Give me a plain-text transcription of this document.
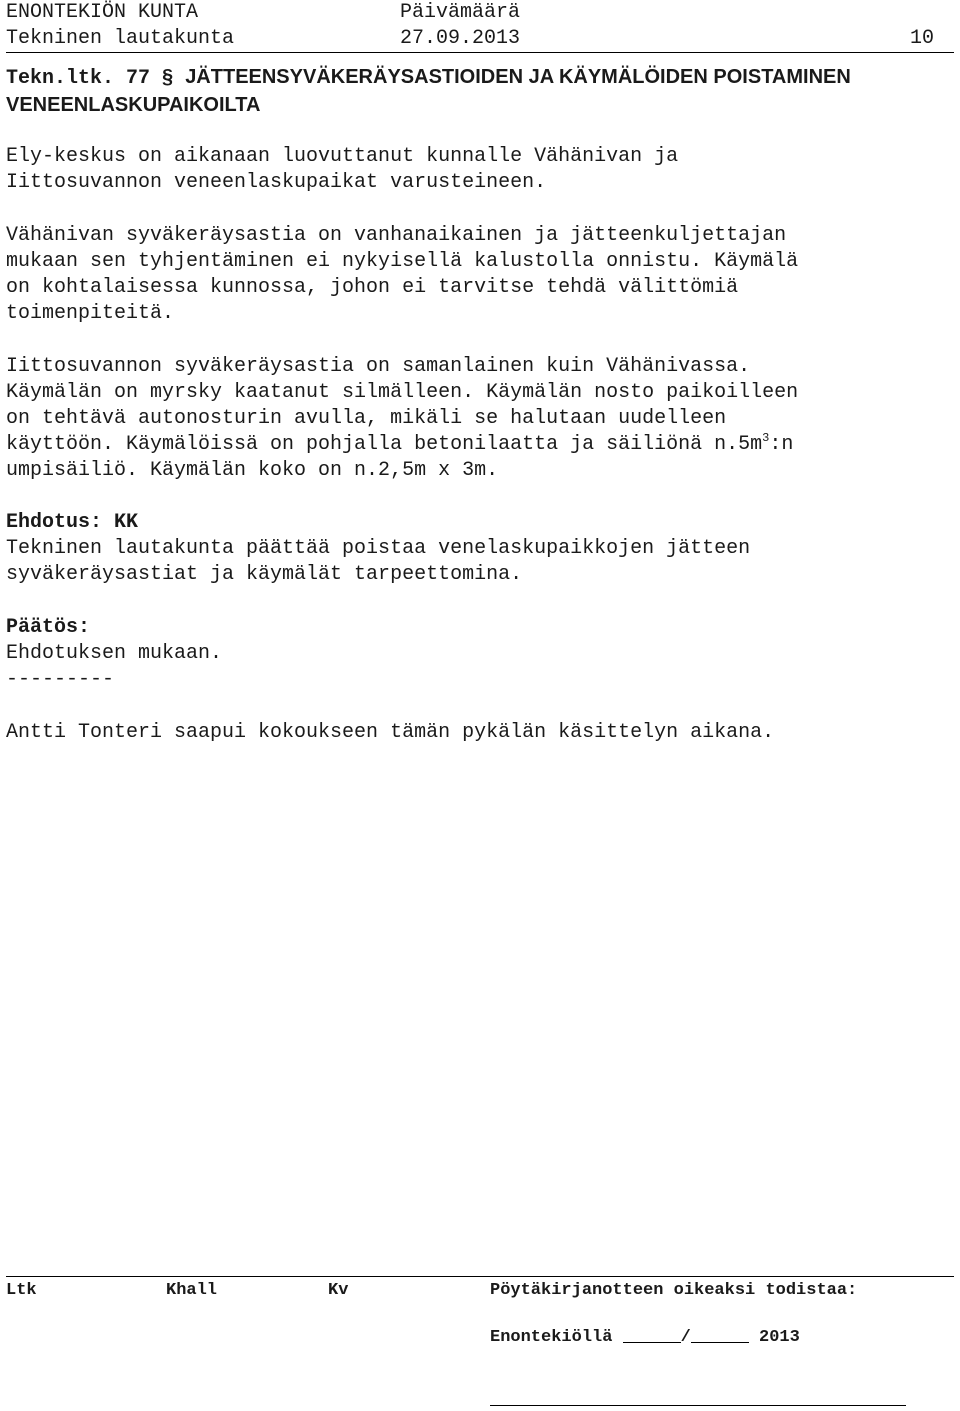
ENONTEKIÖN KUNTA	Päivämäärä
Tekninen lautakunta	27.09.2013	10
Tekn.ltk. 77 § JÄTTEENSYVÄKERÄYSASTIOIDEN JA KÄYMÄLÖIDEN POISTAMINEN
VENEENLASKUPAIKOILTA
Ely-keskus on aikanaan luovuttanut kunnalle Vähänivan ja
Iittosuvannon veneenlaskupaikat varusteineen.
Vähänivan syväkeräysastia on vanhanaikainen ja jätteenkuljettajan
mukaan sen tyhjentäminen ei nykyisellä kalustolla onnistu. Käymälä
on kohtalaisessa kunnossa, johon ei tarvitse tehdä välittömiä
toimenpiteitä.
Iittosuvannon syväkeräysastia on samanlainen kuin Vähänivassa.
Käymälän on myrsky kaatanut silmälleen. Käymälän nosto paikoilleen
on tehtävä autonosturin avulla, mikäli se halutaan uudelleen
käyttöön. Käymälöissä on pohjalla betonilaatta ja säiliönä $n.5m^3:n$
umpisäiliö. Käymälän koko on n.2,5m x 3m.
Ehdotus: KK
Tekninen lautakunta päättää poistaa venelaskupaikkojen jätteen
syväkeräysastiat ja käymälät tarpeettomina.
Päätös:
Ehdotuksen mukaan.
---------
Antti Tonteri saapui kokoukseen tämän pykälän käsittelyn aikana.
Ltk	Khall	Kv	Pöytäkirjanotteen oikeaksi todistaa:
Enontekiöllä	/	2013
